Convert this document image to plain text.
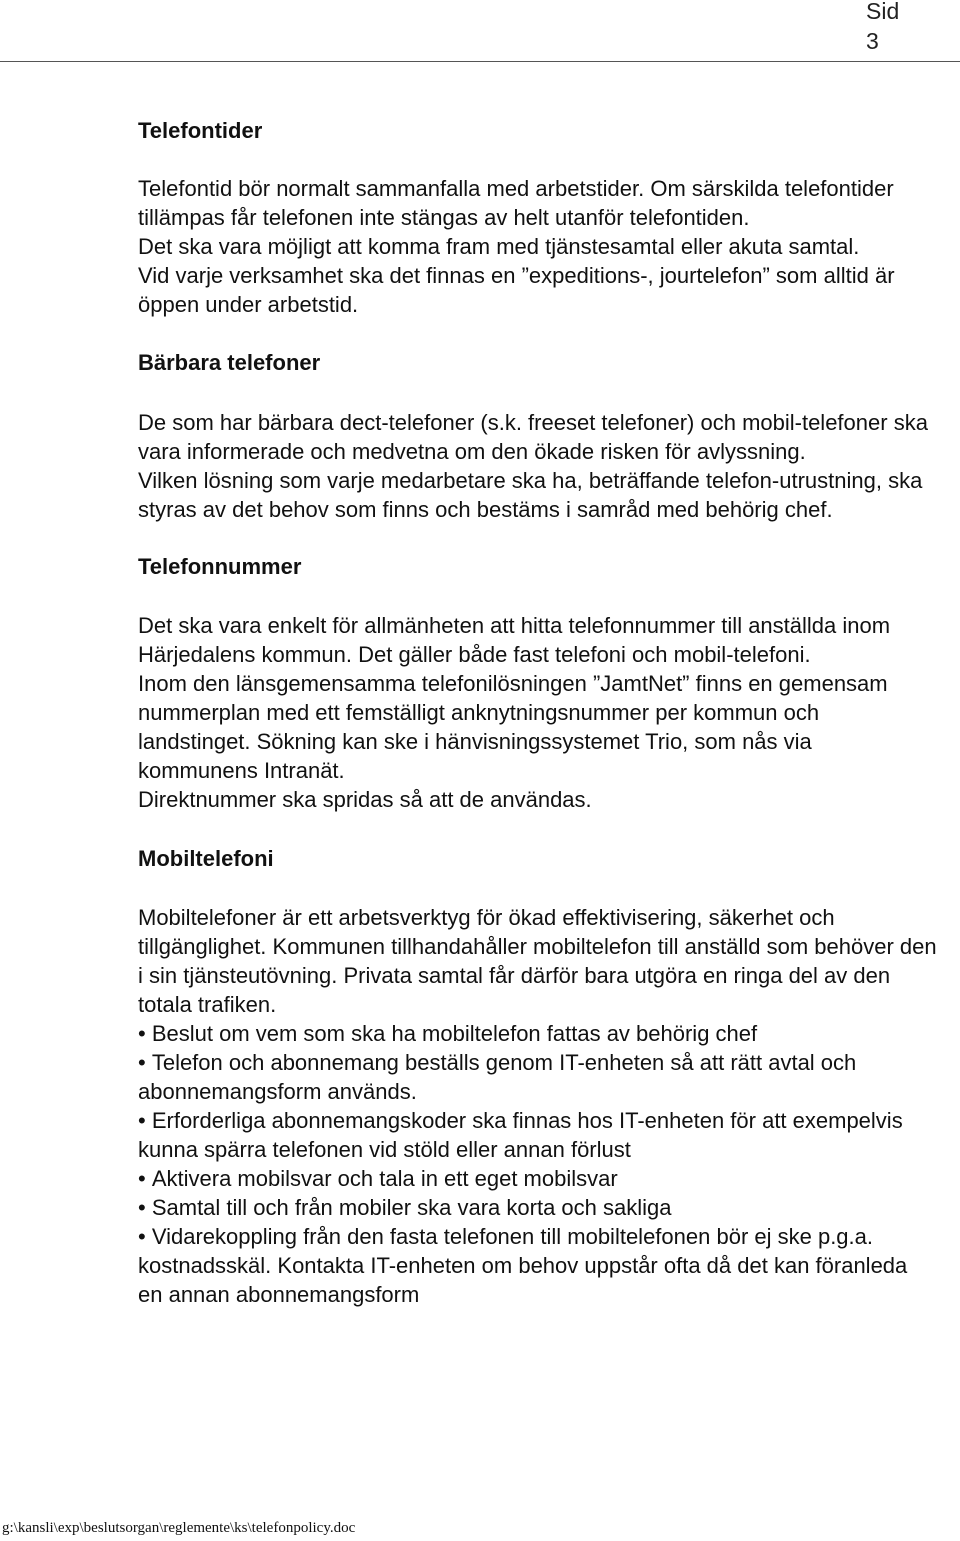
Sid
3
Telefontider

Telefontid bör normalt sammanfalla med arbetstider. Om särskilda telefontider tillämpas får telefonen inte stängas av helt utanför telefontiden.

Det ska vara möjligt att komma fram med tjänstesamtal eller akuta samtal.

Vid varje verksamhet ska det finnas en ”expeditions-, jourtelefon” som alltid är öppen under arbetstid.

Bärbara telefoner

De som har bärbara dect-telefoner (s.k. freeset telefoner) och mobil-telefoner ska vara informerade och medvetna om den ökade risken för avlyssning.

Vilken lösning som varje medarbetare ska ha, beträffande telefon-utrustning, ska styras av det behov som finns och bestäms i samråd med behörig chef.

Telefonnummer

Det ska vara enkelt för allmänheten att hitta telefonnummer till anställda inom Härjedalens kommun. Det gäller både fast telefoni och mobil-telefoni.

Inom den länsgemensamma telefonilösningen ”JamtNet” finns en gemensam nummerplan med ett femställigt anknytningsnummer per kommun och landstinget. Sökning kan ske i hänvisningssystemet Trio, som nås via kommunens Intranät.

Direktnummer ska spridas så att de användas.

Mobiltelefoni

Mobiltelefoner är ett arbetsverktyg för ökad effektivisering, säkerhet och tillgänglighet. Kommunen tillhandahåller mobiltelefon till anställd som behöver den i sin tjänsteutövning. Privata samtal får därför bara utgöra en ringa del av den totala trafiken.

• Beslut om vem som ska ha mobiltelefon fattas av behörig chef
• Telefon och abonnemang beställs genom IT-enheten så att rätt avtal och abonnemangsform används.
• Erforderliga abonnemangskoder ska finnas hos IT-enheten för att exempelvis kunna spärra telefonen vid stöld eller annan förlust
• Aktivera mobilsvar och tala in ett eget mobilsvar
• Samtal till och från mobiler ska vara korta och sakliga
• Vidarekoppling från den fasta telefonen till mobiltelefonen bör ej ske p.g.a. kostnadsskäl. Kontakta IT-enheten om behov uppstår ofta då det kan föranleda en annan abonnemangsform
g:\kansli\exp\beslutsorgan\reglemente\ks\telefonpolicy.doc
